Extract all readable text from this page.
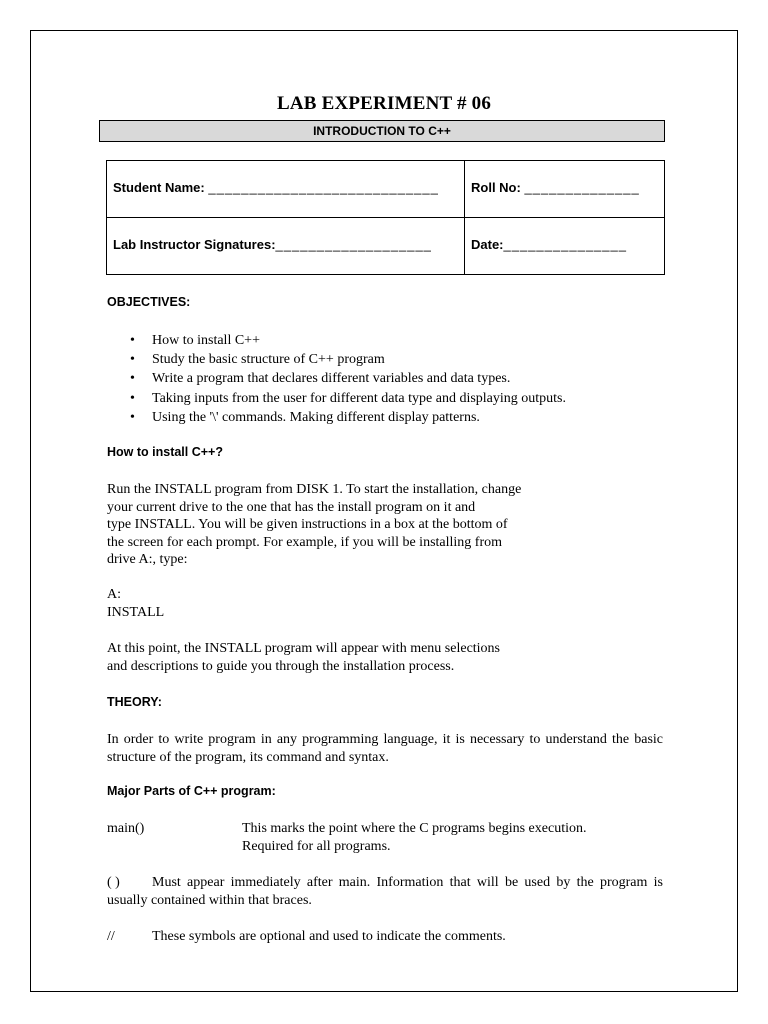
LAB EXPERIMENT # 06
INTRODUCTION TO C++
Student Name: ____________________________ Roll No: ______________
Lab Instructor Signatures:___________________	Date:_______________
OBJECTIVES:
• How to install C++
• Study the basic structure of C++ program
• Write a program that declares different variables and data types.
• Taking inputs from the user for different data type and displaying outputs.
• Using the '\' commands. Making different display patterns.
How to install C++?
Run the INSTALL program from DISK 1. To start the installation, change
your current drive to the one that has the install program on it and
type INSTALL. You will be given instructions in a box at the bottom of
the screen for each prompt. For example, if you will be installing from
drive A:, type:
A:
INSTALL
At this point, the INSTALL program will appear with menu selections
and descriptions to guide you through the installation process.
THEORY:
In order to write program in any programming language, it is necessary to understand the basic structure of the program, its command and syntax.
Major Parts of C++ program:
main()	This marks the point where the C programs begins execution.
Required for all programs.
( )	Must appear immediately after main. Information that will be used by the program is usually contained within that braces.
//	These symbols are optional and used to indicate the comments.
